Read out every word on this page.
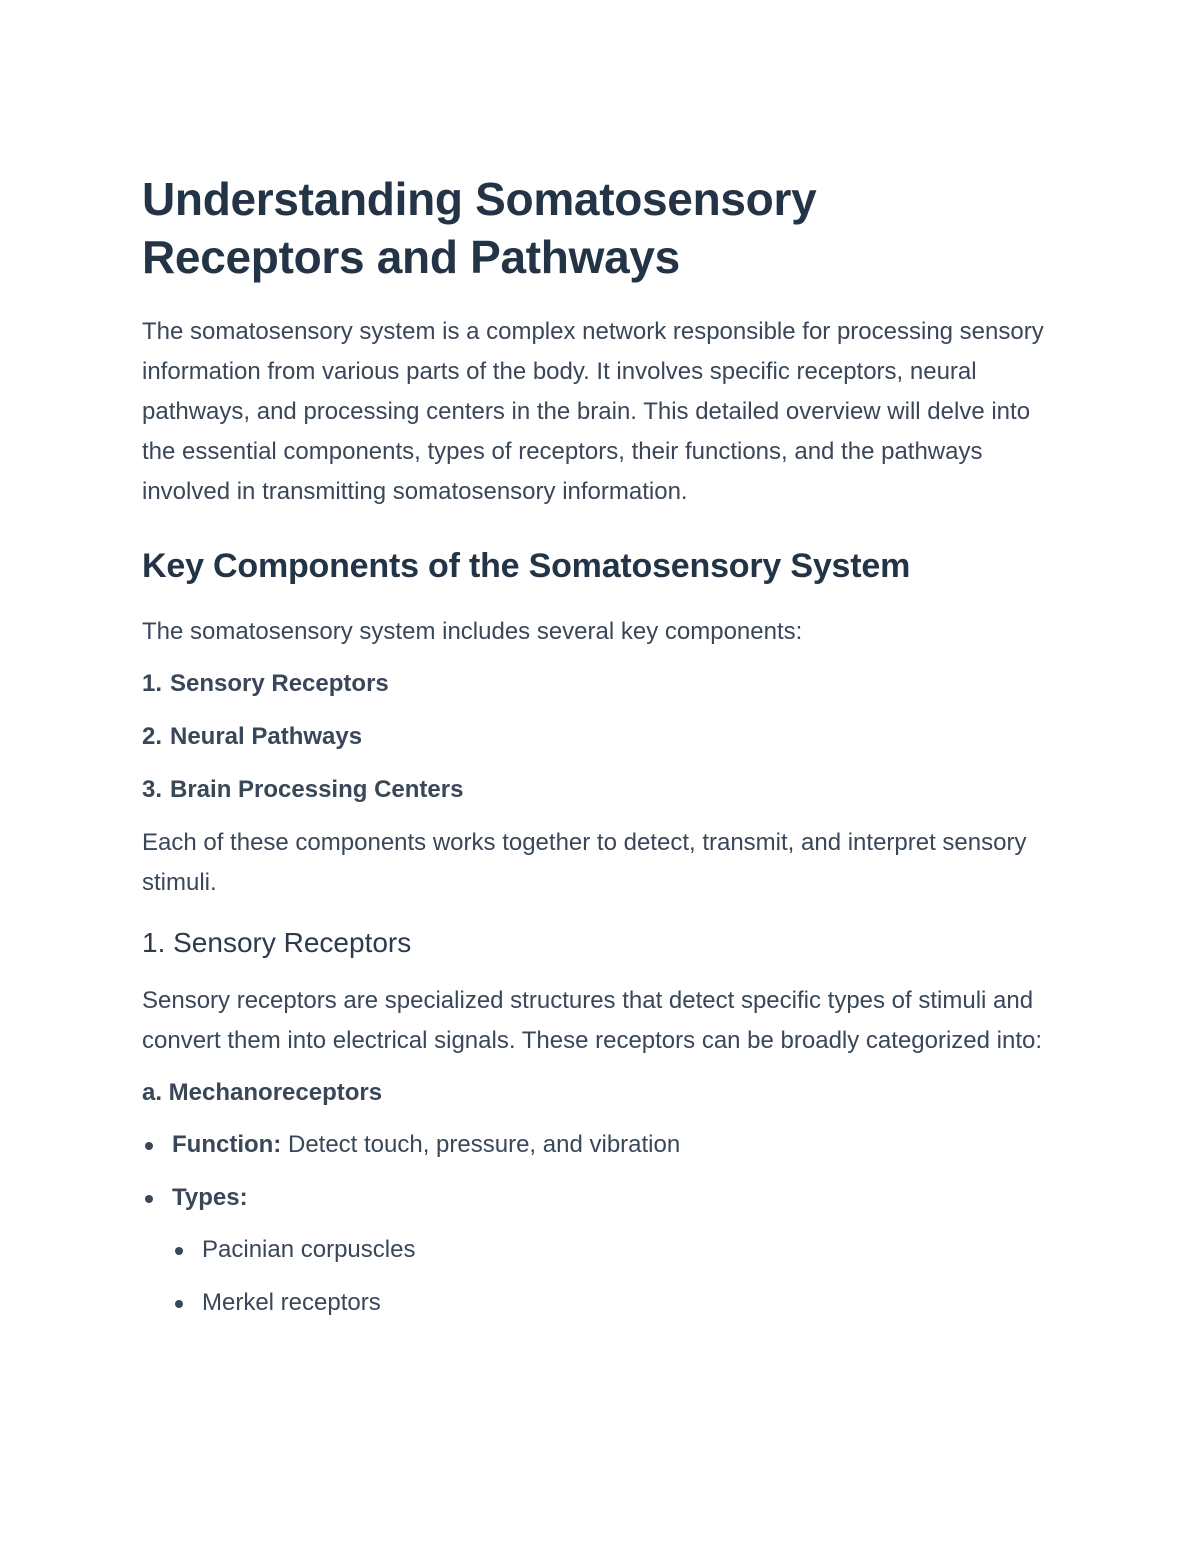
Understanding Somatosensory Receptors and Pathways

The somatosensory system is a complex network responsible for processing sensory information from various parts of the body. It involves specific receptors, neural pathways, and processing centers in the brain. This detailed overview will delve into the essential components, types of receptors, their functions, and the pathways involved in transmitting somatosensory information.

Key Components of the Somatosensory System

The somatosensory system includes several key components:

1. Sensory Receptors
2. Neural Pathways
3. Brain Processing Centers

Each of these components works together to detect, transmit, and interpret sensory stimuli.

1. Sensory Receptors

Sensory receptors are specialized structures that detect specific types of stimuli and convert them into electrical signals. These receptors can be broadly categorized into:

a. Mechanoreceptors
Function: Detect touch, pressure, and vibration
Types:
Pacinian corpuscles
Merkel receptors
